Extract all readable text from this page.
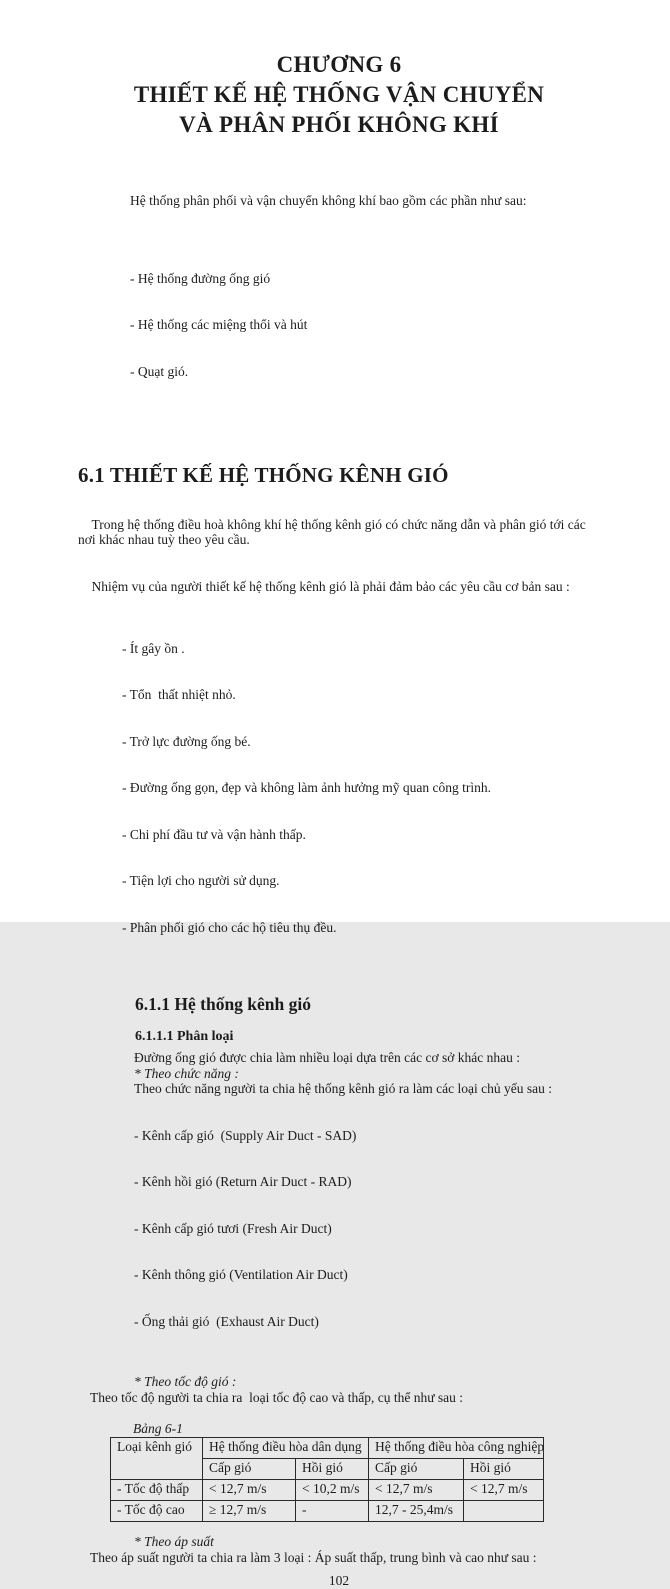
CHƯƠNG 6
THIẾT KẾ HỆ THỐNG VẬN CHUYỂN
VÀ PHÂN PHỐI KHÔNG KHÍ

Hệ thống phân phối và vận chuyển không khí bao gồm các phần như sau:

- Hệ thống đường ống gió

- Hệ thống các miệng thổi và hút

- Quạt gió.

6.1 THIẾT KẾ HỆ THỐNG KÊNH GIÓ

Trong hệ thống điều hoà không khí hệ thống kênh gió có chức năng dẫn và phân gió tới các nơi khác nhau tuỳ theo yêu cầu.

Nhiệm vụ của người thiết kế hệ thống kênh gió là phải đảm bảo các yêu cầu cơ bản sau :

- Ít gây ồn .

- Tổn  thất nhiệt nhỏ.

- Trở lực đường ống bé.

- Đường ống gọn, đẹp và không làm ảnh hưởng mỹ quan công trình.

- Chi phí đầu tư và vận hành thấp.

- Tiện lợi cho người sử dụng.

- Phân phối gió cho các hộ tiêu thụ đều.

6.1.1 Hệ thống kênh gió
6.1.1.1 Phân loại
Đường ống gió được chia làm nhiều loại dựa trên các cơ sở khác nhau :
* Theo chức năng :
Theo chức năng người ta chia hệ thống kênh gió ra làm các loại chủ yếu sau :

- Kênh cấp gió  (Supply Air Duct - SAD)

- Kênh hồi gió (Return Air Duct - RAD)

- Kênh cấp gió tươi (Fresh Air Duct)

- Kênh thông gió (Ventilation Air Duct)

- Ống thải gió  (Exhaust Air Duct)

* Theo tốc độ gió :
Theo tốc độ người ta chia ra  loại tốc độ cao và thấp, cụ thể như sau :
Bảng 6-1
Loại kênh gió	Hệ thống điều hòa dân dụng		Hệ thống điều hòa công nghiệp	
	Cấp gió	Hồi gió	Cấp gió	Hồi gió
- Tốc độ thấp	< 12,7 m/s	< 10,2 m/s	< 12,7 m/s	< 12,7 m/s
- Tốc độ cao	≥ 12,7 m/s	-	12,7 - 25,4m/s	
* Theo áp suất
Theo áp suất người ta chia ra làm 3 loại : Áp suất thấp, trung bình và cao như sau :
102
